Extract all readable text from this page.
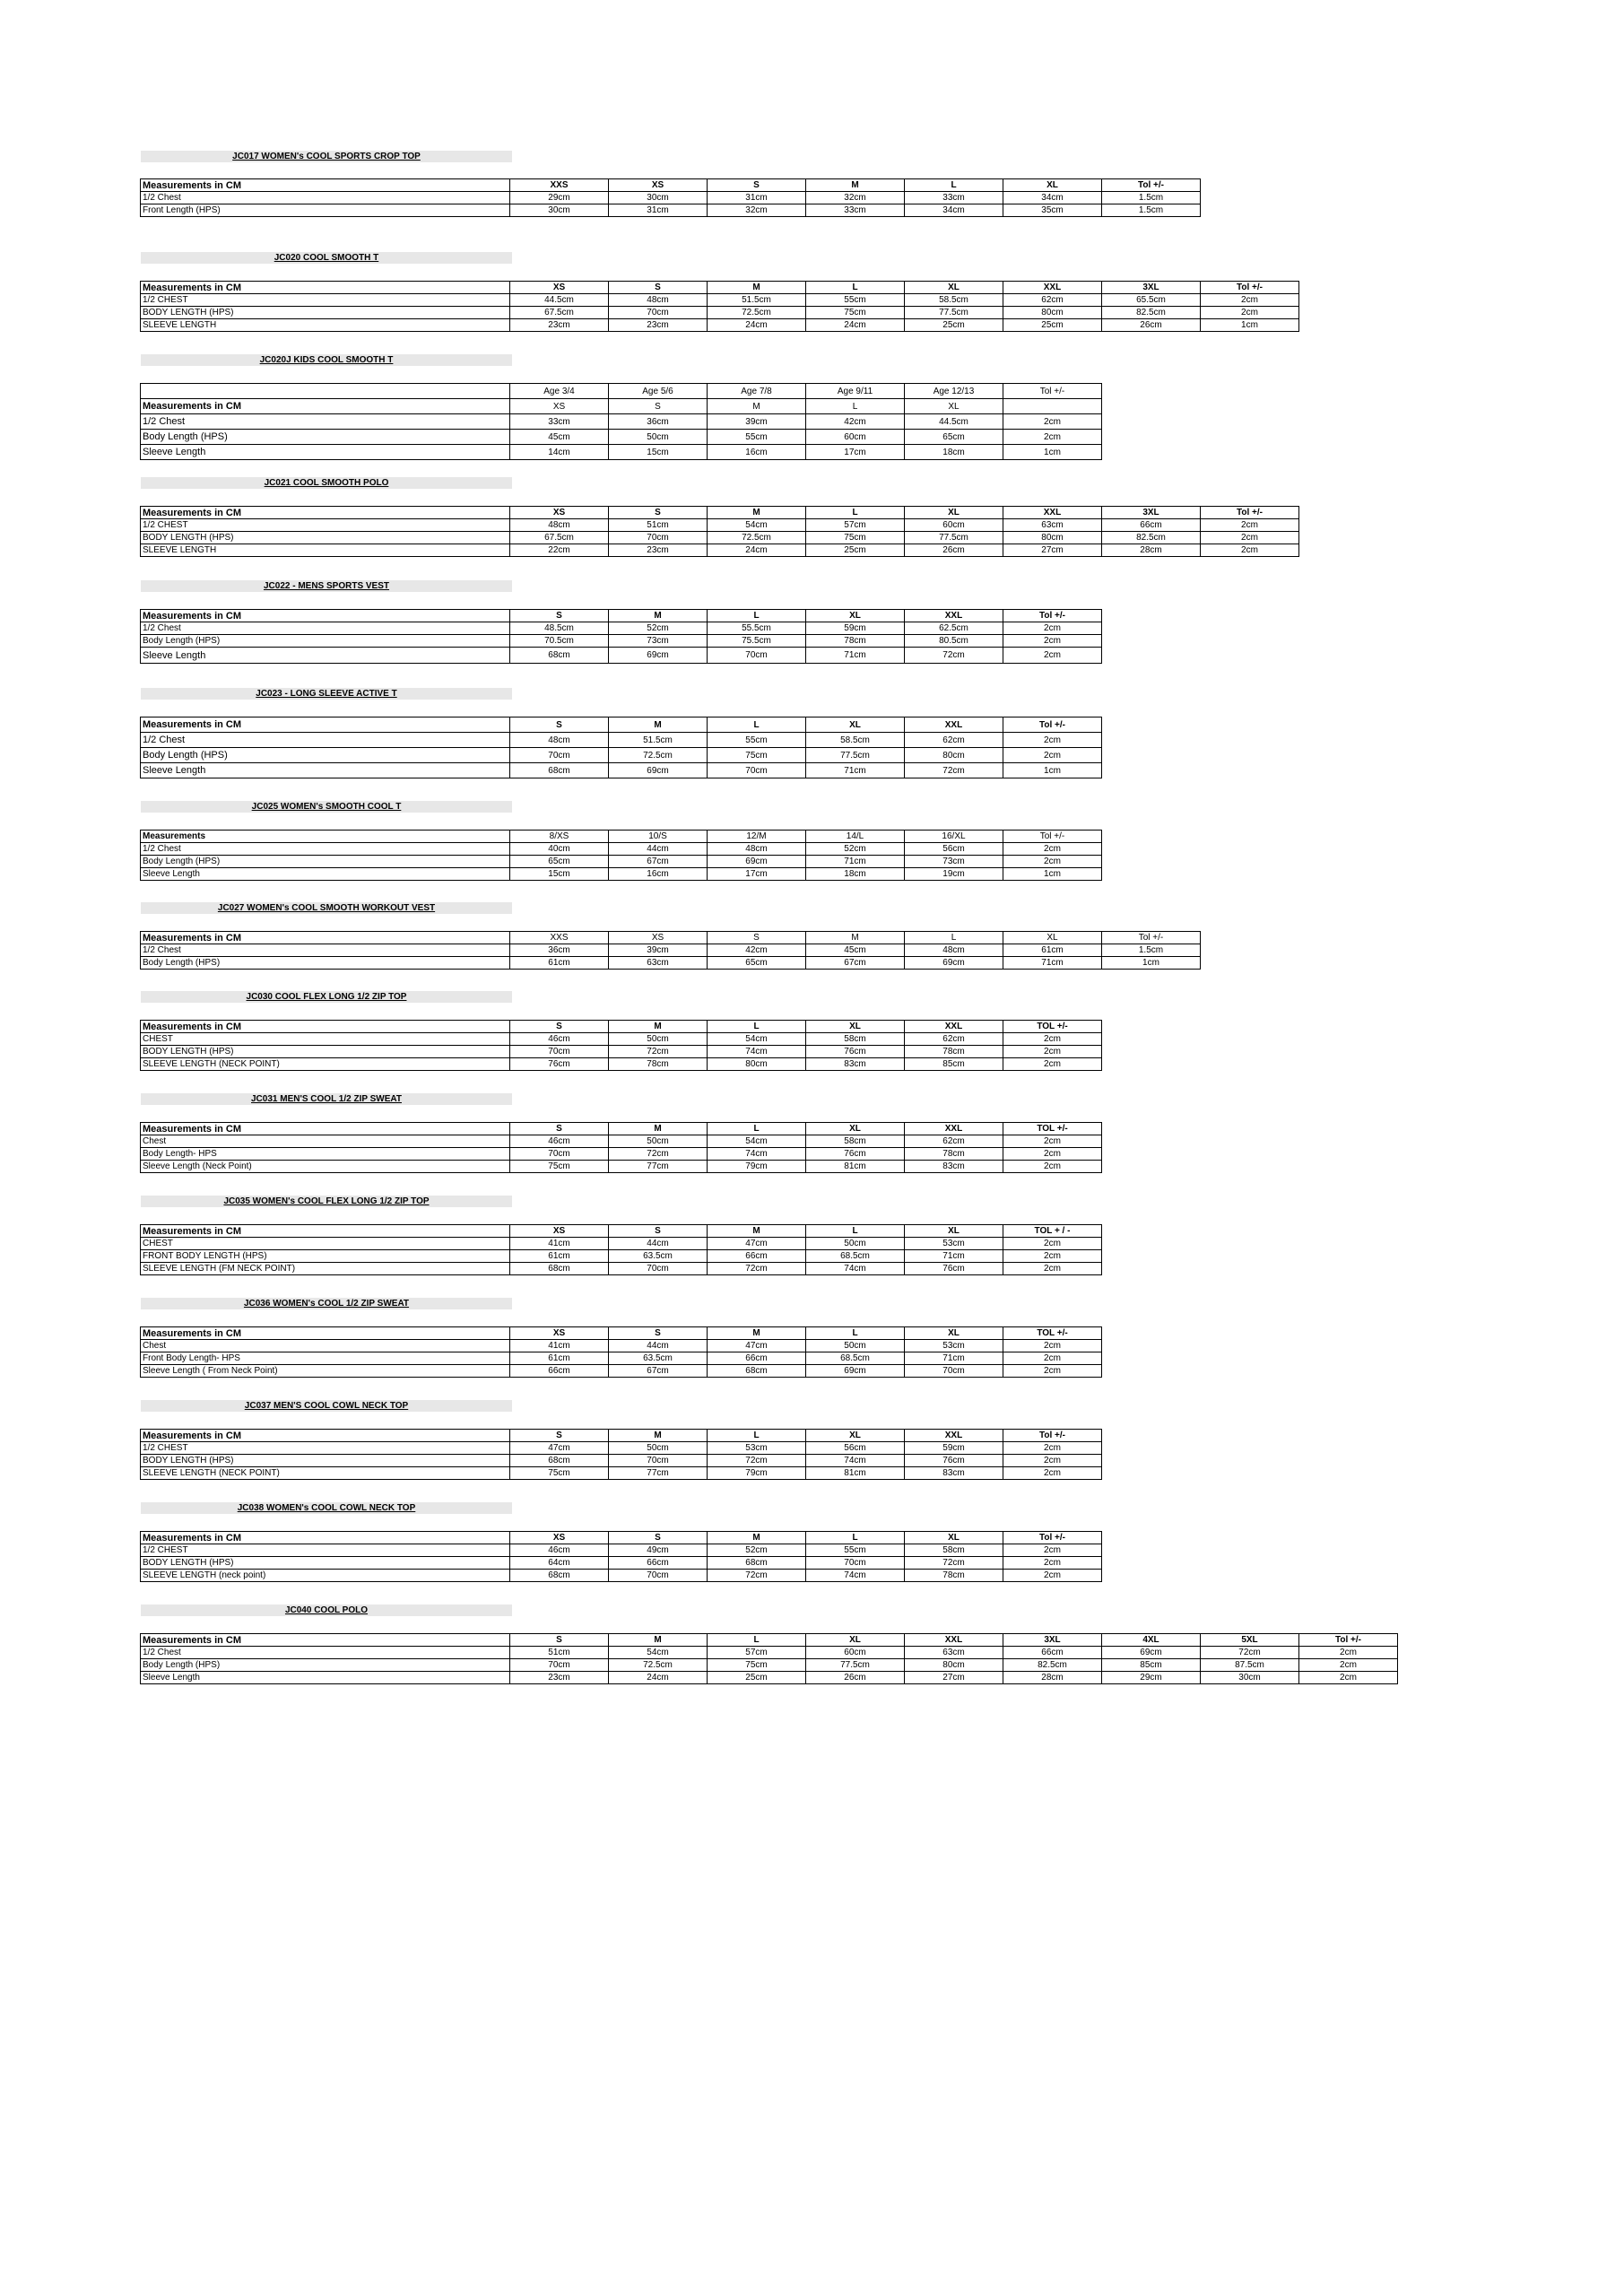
JC017 WOMEN's COOL SPORTS CROP TOP
Measurements in CM	XXS	XS	S	M	L	XL	Tol +/-
1/2 Chest	29cm	30cm	31cm	32cm	33cm	34cm	1.5cm
Front Length (HPS)	30cm	31cm	32cm	33cm	34cm	35cm	1.5cm
JC020 COOL SMOOTH T
Measurements in CM	XS	S	M	L	XL	XXL	3XL	Tol +/-
1/2 CHEST	44.5cm	48cm	51.5cm	55cm	58.5cm	62cm	65.5cm	2cm
BODY LENGTH (HPS)	67.5cm	70cm	72.5cm	75cm	77.5cm	80cm	82.5cm	2cm
SLEEVE LENGTH	23cm	23cm	24cm	24cm	25cm	25cm	26cm	1cm
JC020J KIDS COOL SMOOTH T
	Age 3/4	Age 5/6	Age 7/8	Age 9/11	Age 12/13	Tol +/-
Measurements in CM	XS	S	M	L	XL	
1/2 Chest	33cm	36cm	39cm	42cm	44.5cm	2cm
Body Length (HPS)	45cm	50cm	55cm	60cm	65cm	2cm
Sleeve Length	14cm	15cm	16cm	17cm	18cm	1cm
JC021 COOL SMOOTH POLO
Measurements in CM	XS	S	M	L	XL	XXL	3XL	Tol +/-
1/2 CHEST	48cm	51cm	54cm	57cm	60cm	63cm	66cm	2cm
BODY LENGTH (HPS)	67.5cm	70cm	72.5cm	75cm	77.5cm	80cm	82.5cm	2cm
SLEEVE LENGTH	22cm	23cm	24cm	25cm	26cm	27cm	28cm	2cm
JC022 - MENS SPORTS VEST
Measurements in CM	S	M	L	XL	XXL	Tol +/-
1/2 Chest	48.5cm	52cm	55.5cm	59cm	62.5cm	2cm
Body Length (HPS)	70.5cm	73cm	75.5cm	78cm	80.5cm	2cm
Sleeve Length	68cm	69cm	70cm	71cm	72cm	2cm
JC023 - LONG SLEEVE ACTIVE T
Measurements in CM	S	M	L	XL	XXL	Tol +/-
1/2 Chest	48cm	51.5cm	55cm	58.5cm	62cm	2cm
Body Length (HPS)	70cm	72.5cm	75cm	77.5cm	80cm	2cm
Sleeve Length	68cm	69cm	70cm	71cm	72cm	1cm
JC025 WOMEN's SMOOTH COOL T
Measurements	8/XS	10/S	12/M	14/L	16/XL	Tol +/-
1/2 Chest	40cm	44cm	48cm	52cm	56cm	2cm
Body Length (HPS)	65cm	67cm	69cm	71cm	73cm	2cm
Sleeve Length	15cm	16cm	17cm	18cm	19cm	1cm
JC027 WOMEN's COOL SMOOTH WORKOUT VEST
Measurements in CM	XXS	XS	S	M	L	XL	Tol +/-
1/2 Chest	36cm	39cm	42cm	45cm	48cm	61cm	1.5cm
Body Length (HPS)	61cm	63cm	65cm	67cm	69cm	71cm	1cm
JC030 COOL FLEX LONG 1/2 ZIP TOP
Measurements in CM	S	M	L	XL	XXL	TOL +/-
CHEST	46cm	50cm	54cm	58cm	62cm	2cm
BODY LENGTH (HPS)	70cm	72cm	74cm	76cm	78cm	2cm
SLEEVE LENGTH (NECK POINT)	76cm	78cm	80cm	83cm	85cm	2cm
JC031 MEN'S COOL 1/2 ZIP SWEAT
Measurements in CM	S	M	L	XL	XXL	TOL +/-
Chest	46cm	50cm	54cm	58cm	62cm	2cm
Body Length- HPS	70cm	72cm	74cm	76cm	78cm	2cm
Sleeve Length (Neck Point)	75cm	77cm	79cm	81cm	83cm	2cm
JC035 WOMEN's COOL FLEX LONG 1/2 ZIP TOP
Measurements in CM	XS	S	M	L	XL	TOL + / -
CHEST	41cm	44cm	47cm	50cm	53cm	2cm
FRONT BODY LENGTH (HPS)	61cm	63.5cm	66cm	68.5cm	71cm	2cm
SLEEVE LENGTH (FM NECK POINT)	68cm	70cm	72cm	74cm	76cm	2cm
JC036 WOMEN's COOL 1/2 ZIP SWEAT
Measurements in CM	XS	S	M	L	XL	TOL +/-
Chest	41cm	44cm	47cm	50cm	53cm	2cm
Front Body Length- HPS	61cm	63.5cm	66cm	68.5cm	71cm	2cm
Sleeve Length ( From Neck Point)	66cm	67cm	68cm	69cm	70cm	2cm
JC037 MEN'S COOL COWL NECK TOP
Measurements in CM	S	M	L	XL	XXL	Tol +/-
1/2 CHEST	47cm	50cm	53cm	56cm	59cm	2cm
BODY LENGTH (HPS)	68cm	70cm	72cm	74cm	76cm	2cm
SLEEVE LENGTH (NECK POINT)	75cm	77cm	79cm	81cm	83cm	2cm
JC038 WOMEN's COOL COWL NECK TOP
Measurements in CM	XS	S	M	L	XL	Tol +/-
1/2 CHEST	46cm	49cm	52cm	55cm	58cm	2cm
BODY LENGTH (HPS)	64cm	66cm	68cm	70cm	72cm	2cm
SLEEVE LENGTH (neck point)	68cm	70cm	72cm	74cm	78cm	2cm
JC040 COOL POLO
Measurements in CM	S	M	L	XL	XXL	3XL	4XL	5XL	Tol +/-
1/2 Chest	51cm	54cm	57cm	60cm	63cm	66cm	69cm	72cm	2cm
Body Length (HPS)	70cm	72.5cm	75cm	77.5cm	80cm	82.5cm	85cm	87.5cm	2cm
Sleeve Length	23cm	24cm	25cm	26cm	27cm	28cm	29cm	30cm	2cm
